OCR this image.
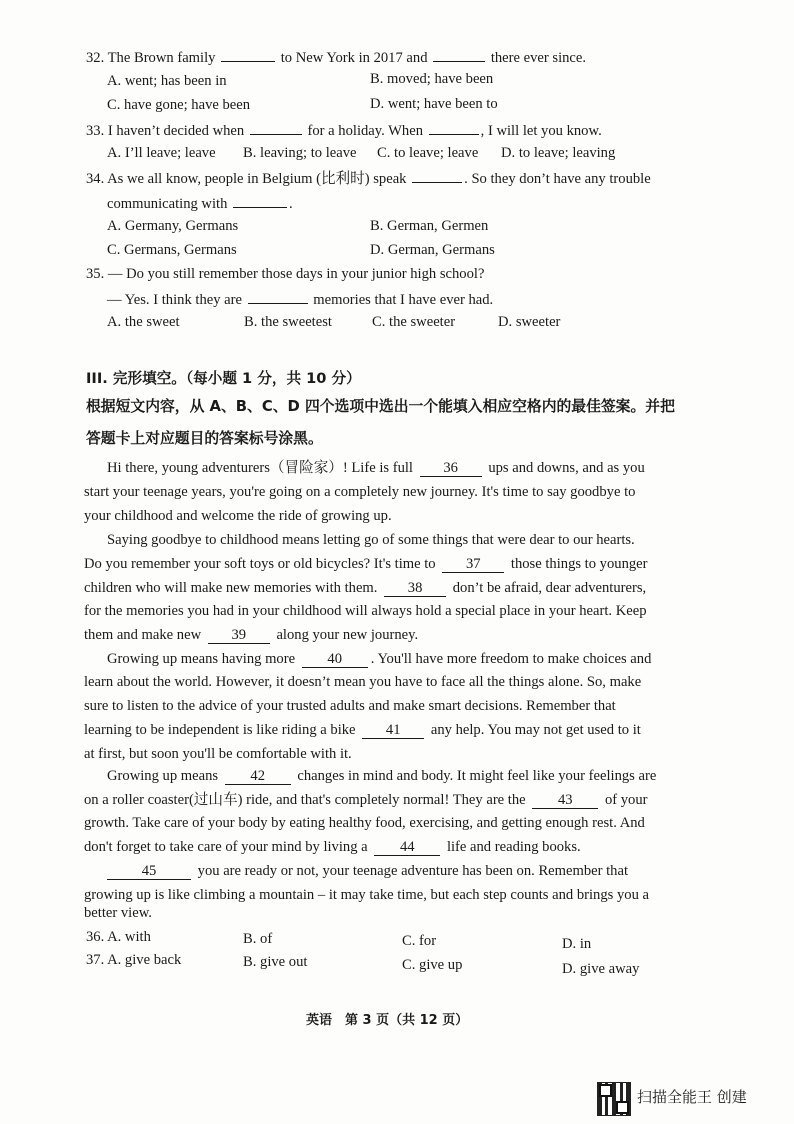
32. The Brown family	to New York in 2017 and	there ever since.
A. went; has been in	B. moved; have been
C. have gone; have been	D. went; have been to
33. I haven’t decided when	for a holiday. When	, I will let you know.
A. I’ll leave; leave B. leaving; to leave C. to leave; leave D. to leave; leaving
34. As we all know, people in Belgium (比利时) speak	. So they don’t have any trouble
communicating with	.
A. Germany, Germans	B. German, Germen
C. Germans, Germans	D. German, Germans
35. — Do you still remember those days in your junior high school?
— Yes. I think they are	memories that I have ever had.
A. the sweet	B. the sweetest	C. the sweeter	D. sweeter
III. 完形填空。（每小题 1 分，共 10 分）
根据短文内容，从 A、B、C、D 四个选项中选出一个能填入相应空格内的最佳签案。并把
答题卡上对应题目的答案标号涂黑。
Hi there, young adventurers（冒险家）! Life is full 36 ups and downs, and as you
start your teenage years, you're going on a completely new journey. It's time to say goodbye to
your childhood and welcome the ride of growing up.
Saying goodbye to childhood means letting go of some things that were dear to our hearts.
Do you remember your soft toys or old bicycles? It's time to 37 those things to younger
children who will make new memories with them. 38 don’t be afraid, dear adventurers,
for the memories you had in your childhood will always hold a special place in your heart. Keep
them and make new 39 along your new journey.
Growing up means having more 40 . You'll have more freedom to make choices and
learn about the world. However, it doesn’t mean you have to face all the things alone. So, make
sure to listen to the advice of your trusted adults and make smart decisions. Remember that
learning to be independent is like riding a bike 41 any help. You may not get used to it
at first, but soon you'll be comfortable with it.
Growing up means 42 changes in mind and body. It might feel like your feelings are
on a roller coaster(过山车) ride, and that's completely normal! They are the 43 of your
growth. Take care of your body by eating healthy food, exercising, and getting enough rest. And
don't forget to take care of your mind by living a 44 life and reading books.
45	you are ready or not, your teenage adventure has been on. Remember that
growing up is like climbing a mountain – it may take time, but each step counts and brings you a
better view.
36. A. with	B. of	C. for	D. in
37. A. give back	B. give out	C. give up	D. give away
英语　第 3 页（共 12 页）
扫描全能王 创建
